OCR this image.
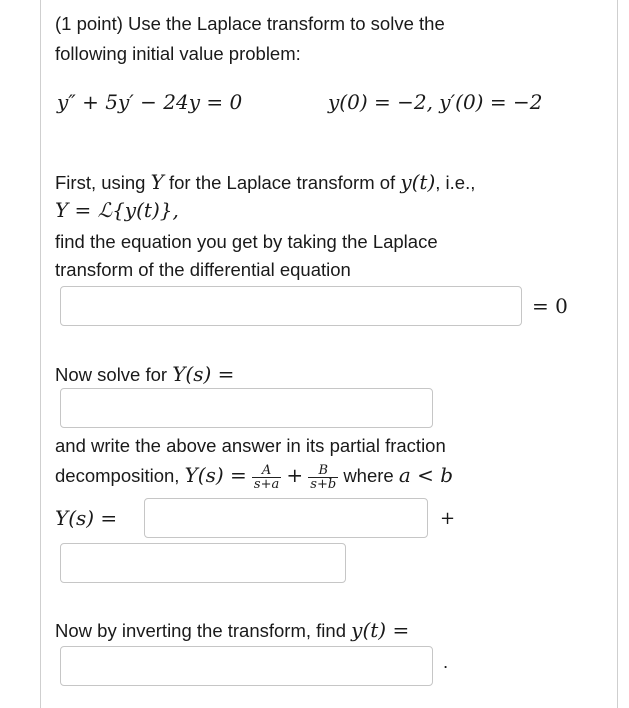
(1 point) Use the Laplace transform to solve the
following initial value problem:
y″ + 5y′ − 24y = 0	y(0) = −2, y′(0) = −2
First, using Y for the Laplace transform of y(t), i.e.,
Y = ℒ{y(t)},
find the equation you get by taking the Laplace
transform of the differential equation
= 0
Now solve for Y(s) =
and write the above answer in its partial fraction
decomposition, $Y(s) = \frac{A}{s+a} + \frac{B}{s+b}$ where a < b
Y(s) =	+
Now by inverting the transform, find y(t) =
.
